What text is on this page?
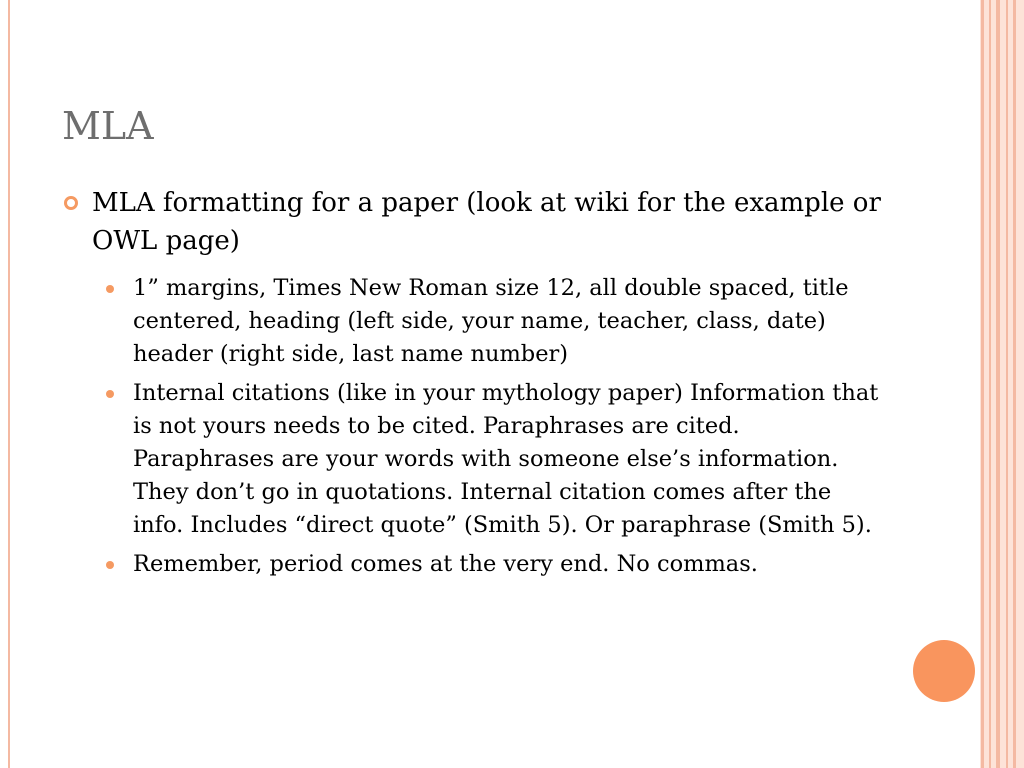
MLA
MLA formatting for a paper (look at wiki for the example or OWL page)
1” margins, Times New Roman size 12, all double spaced, title centered, heading (left side, your name, teacher, class, date) header (right side, last name number)
Internal citations (like in your mythology paper) Information that is not yours needs to be cited. Paraphrases are cited. Paraphrases are your words with someone else’s information. They don’t go in quotations. Internal citation comes after the info. Includes “direct quote” (Smith 5). Or paraphrase (Smith 5).
Remember, period comes at the very end. No commas.
